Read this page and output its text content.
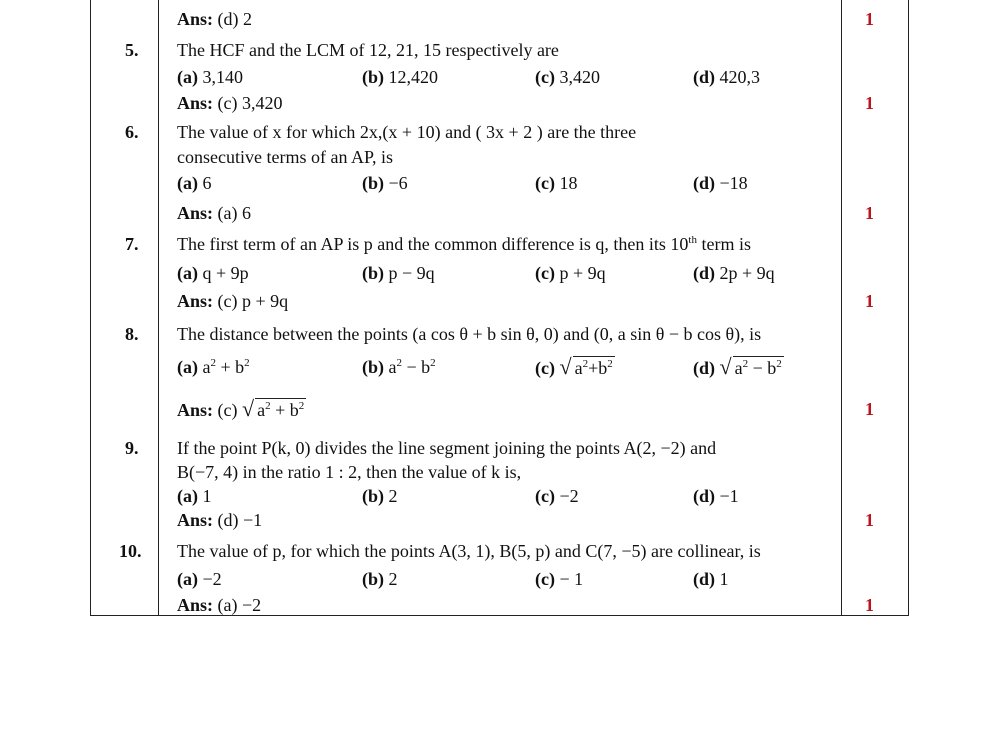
Ans: (d) 2	1
5. The HCF and the LCM of 12, 21, 15 respectively are
(a) 3,140	(b) 12,420	(c) 3,420	(d) 420,3
Ans: (c) 3,420	1
6. The value of x for which 2x,(x + 10) and ( 3x + 2 ) are the three
consecutive terms of an AP, is
(a) 6	(b) −6	(c) 18	(d) −18
Ans: (a) 6	1
7. The first term of an AP is p and the common difference is q, then its 10th term is
(a) q + 9p	(b) p − 9q	(c) p + 9q	(d) 2p + 9q
Ans: (c) p + 9q	1
8. The distance between the points (a cos θ + b sin θ, 0) and (0, a sin θ − b cos θ), is
(a) $a^2 + b^2$	(b) $a^2 - b^2$	(c) √ $a^2+b^2$	(d) √ $a^2 - b^2$
Ans: (c) √ $a^2 + b^2$	1
9. If the point P(k, 0) divides the line segment joining the points A(2, −2) and
B(−7, 4) in the ratio 1 : 2, then the value of k is,
(a) 1	(b) 2	(c) −2	(d) −1
Ans: (d) −1	1
10. The value of p, for which the points A(3, 1), B(5, p) and C(7, −5) are collinear, is
(a) −2	(b) 2	(c) − 1	(d) 1
Ans: (a) −2	1
